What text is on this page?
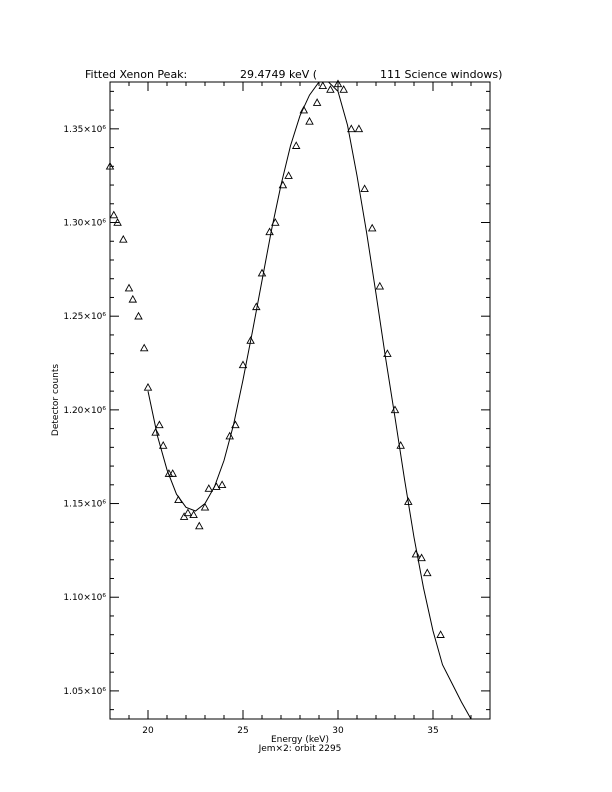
Fitted Xenon Peak:	29.4749 keV (	111 Science windows)
Energy (keV)
Jem×2: orbit 2295
Detector counts
20	25	30	35
1.05×10⁶
1.10×10⁶
1.15×10⁶
1.20×10⁶
1.25×10⁶
1.30×10⁶
1.35×10⁶
